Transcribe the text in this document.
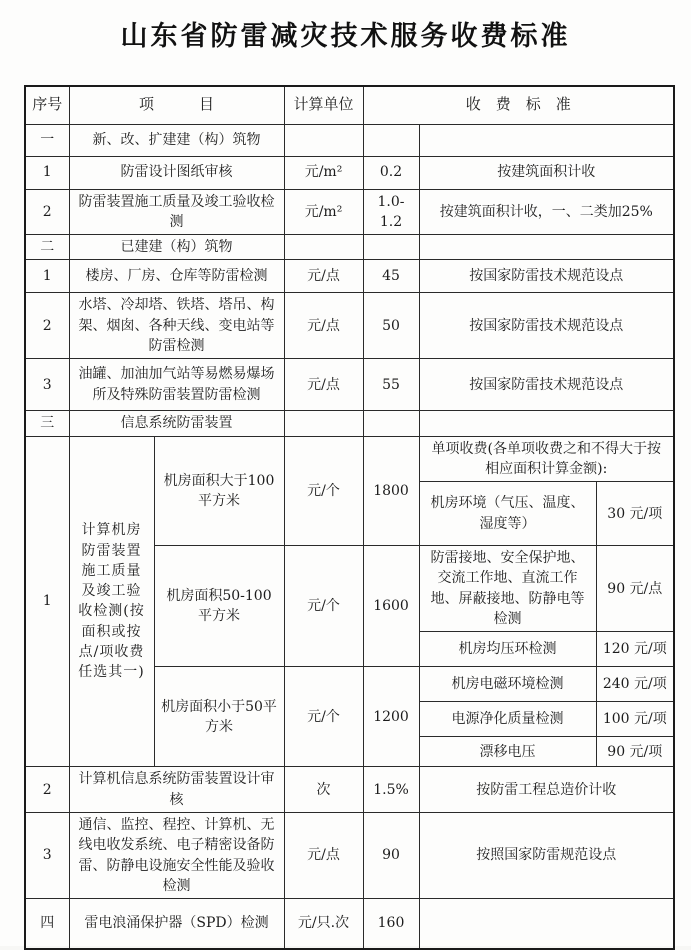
山东省防雷减灾技术服务收费标准
序号	项　　　目		计算单位	收　费　标　准		
一	新、改、扩建建（构）筑物					
1	防雷设计图纸审核		元/m²	0.2	按建筑面积计收	
2	防雷装置施工质量及竣工验收检测		元/m²	1.0-1.2	按建筑面积计收，一、二类加25%	
二	已建建（构）筑物					
1	楼房、厂房、仓库等防雷检测		元/点	45	按国家防雷技术规范设点	
2	水塔、冷却塔、铁塔、塔吊、构架、烟囱、各种天线、变电站等防雷检测		元/点	50	按国家防雷技术规范设点	
3	油罐、加油加气站等易燃易爆场所及特殊防雷装置防雷检测		元/点	55	按国家防雷技术规范设点	
三	信息系统防雷装置					
1	计算机房防雷装置施工质量及竣工验收检测(按面积或按点/项收费任选其一)	机房面积大于100平方米	元/个	1800	单项收费(各单项收费之和不得大于按相应面积计算金额):	
					机房环境（气压、温度、湿度等）	30 元/项
		机房面积50-100平方米	元/个	1600	防雷接地、安全保护地、交流工作地、直流工作地、屏蔽接地、防静电等检测	90 元/点
					机房均压环检测	120 元/项
		机房面积小于50平方米	元/个	1200	机房电磁环境检测	240 元/项
					电源净化质量检测	100 元/项
					漂移电压	90 元/项
2	计算机信息系统防雷装置设计审核		次	1.5%	按防雷工程总造价计收	
3	通信、监控、程控、计算机、无线电收发系统、电子精密设备防雷、防静电设施安全性能及验收检测		元/点	90	按照国家防雷规范设点	
四	雷电浪涌保护器（SPD）检测		元/只.次	160		
